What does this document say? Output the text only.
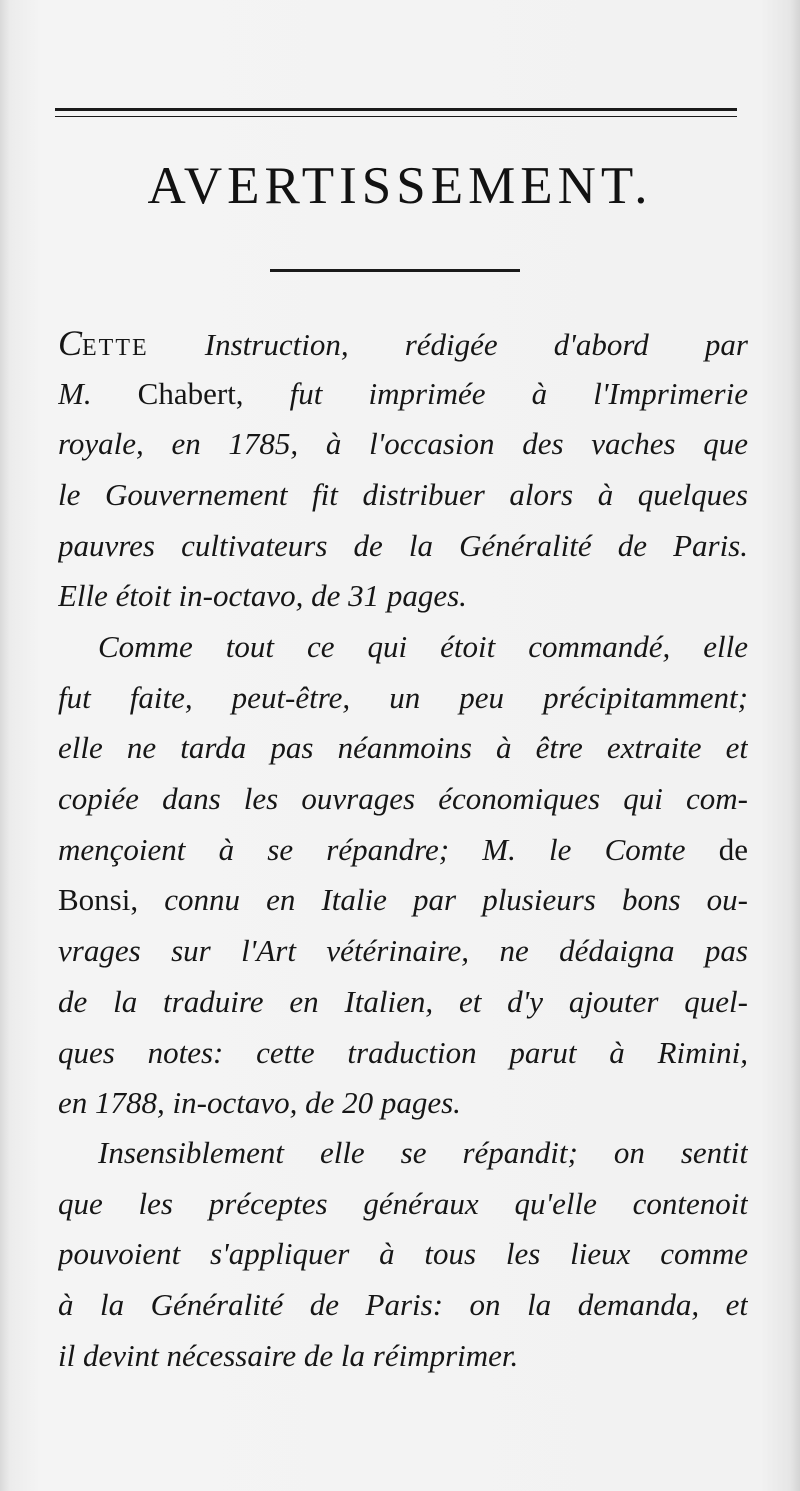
AVERTISSEMENT.
CETTE Instruction, rédigée d'abord par
M. Chabert, fut imprimée à l'Imprimerie
royale, en 1785, à l'occasion des vaches que
le Gouvernement fit distribuer alors à quelques
pauvres cultivateurs de la Généralité de Paris.
Elle étoit in-octavo, de 31 pages.
Comme tout ce qui étoit commandé, elle
fut faite, peut-être, un peu précipitamment;
elle ne tarda pas néanmoins à être extraite et
copiée dans les ouvrages économiques qui com-
mençoient à se répandre; M. le Comte de
Bonsi, connu en Italie par plusieurs bons ou-
vrages sur l'Art vétérinaire, ne dédaigna pas
de la traduire en Italien, et d'y ajouter quel-
ques notes: cette traduction parut à Rimini,
en 1788, in-octavo, de 20 pages.
Insensiblement elle se répandit; on sentit
que les préceptes généraux qu'elle contenoit
pouvoient s'appliquer à tous les lieux comme
à la Généralité de Paris: on la demanda, et
il devint nécessaire de la réimprimer.
